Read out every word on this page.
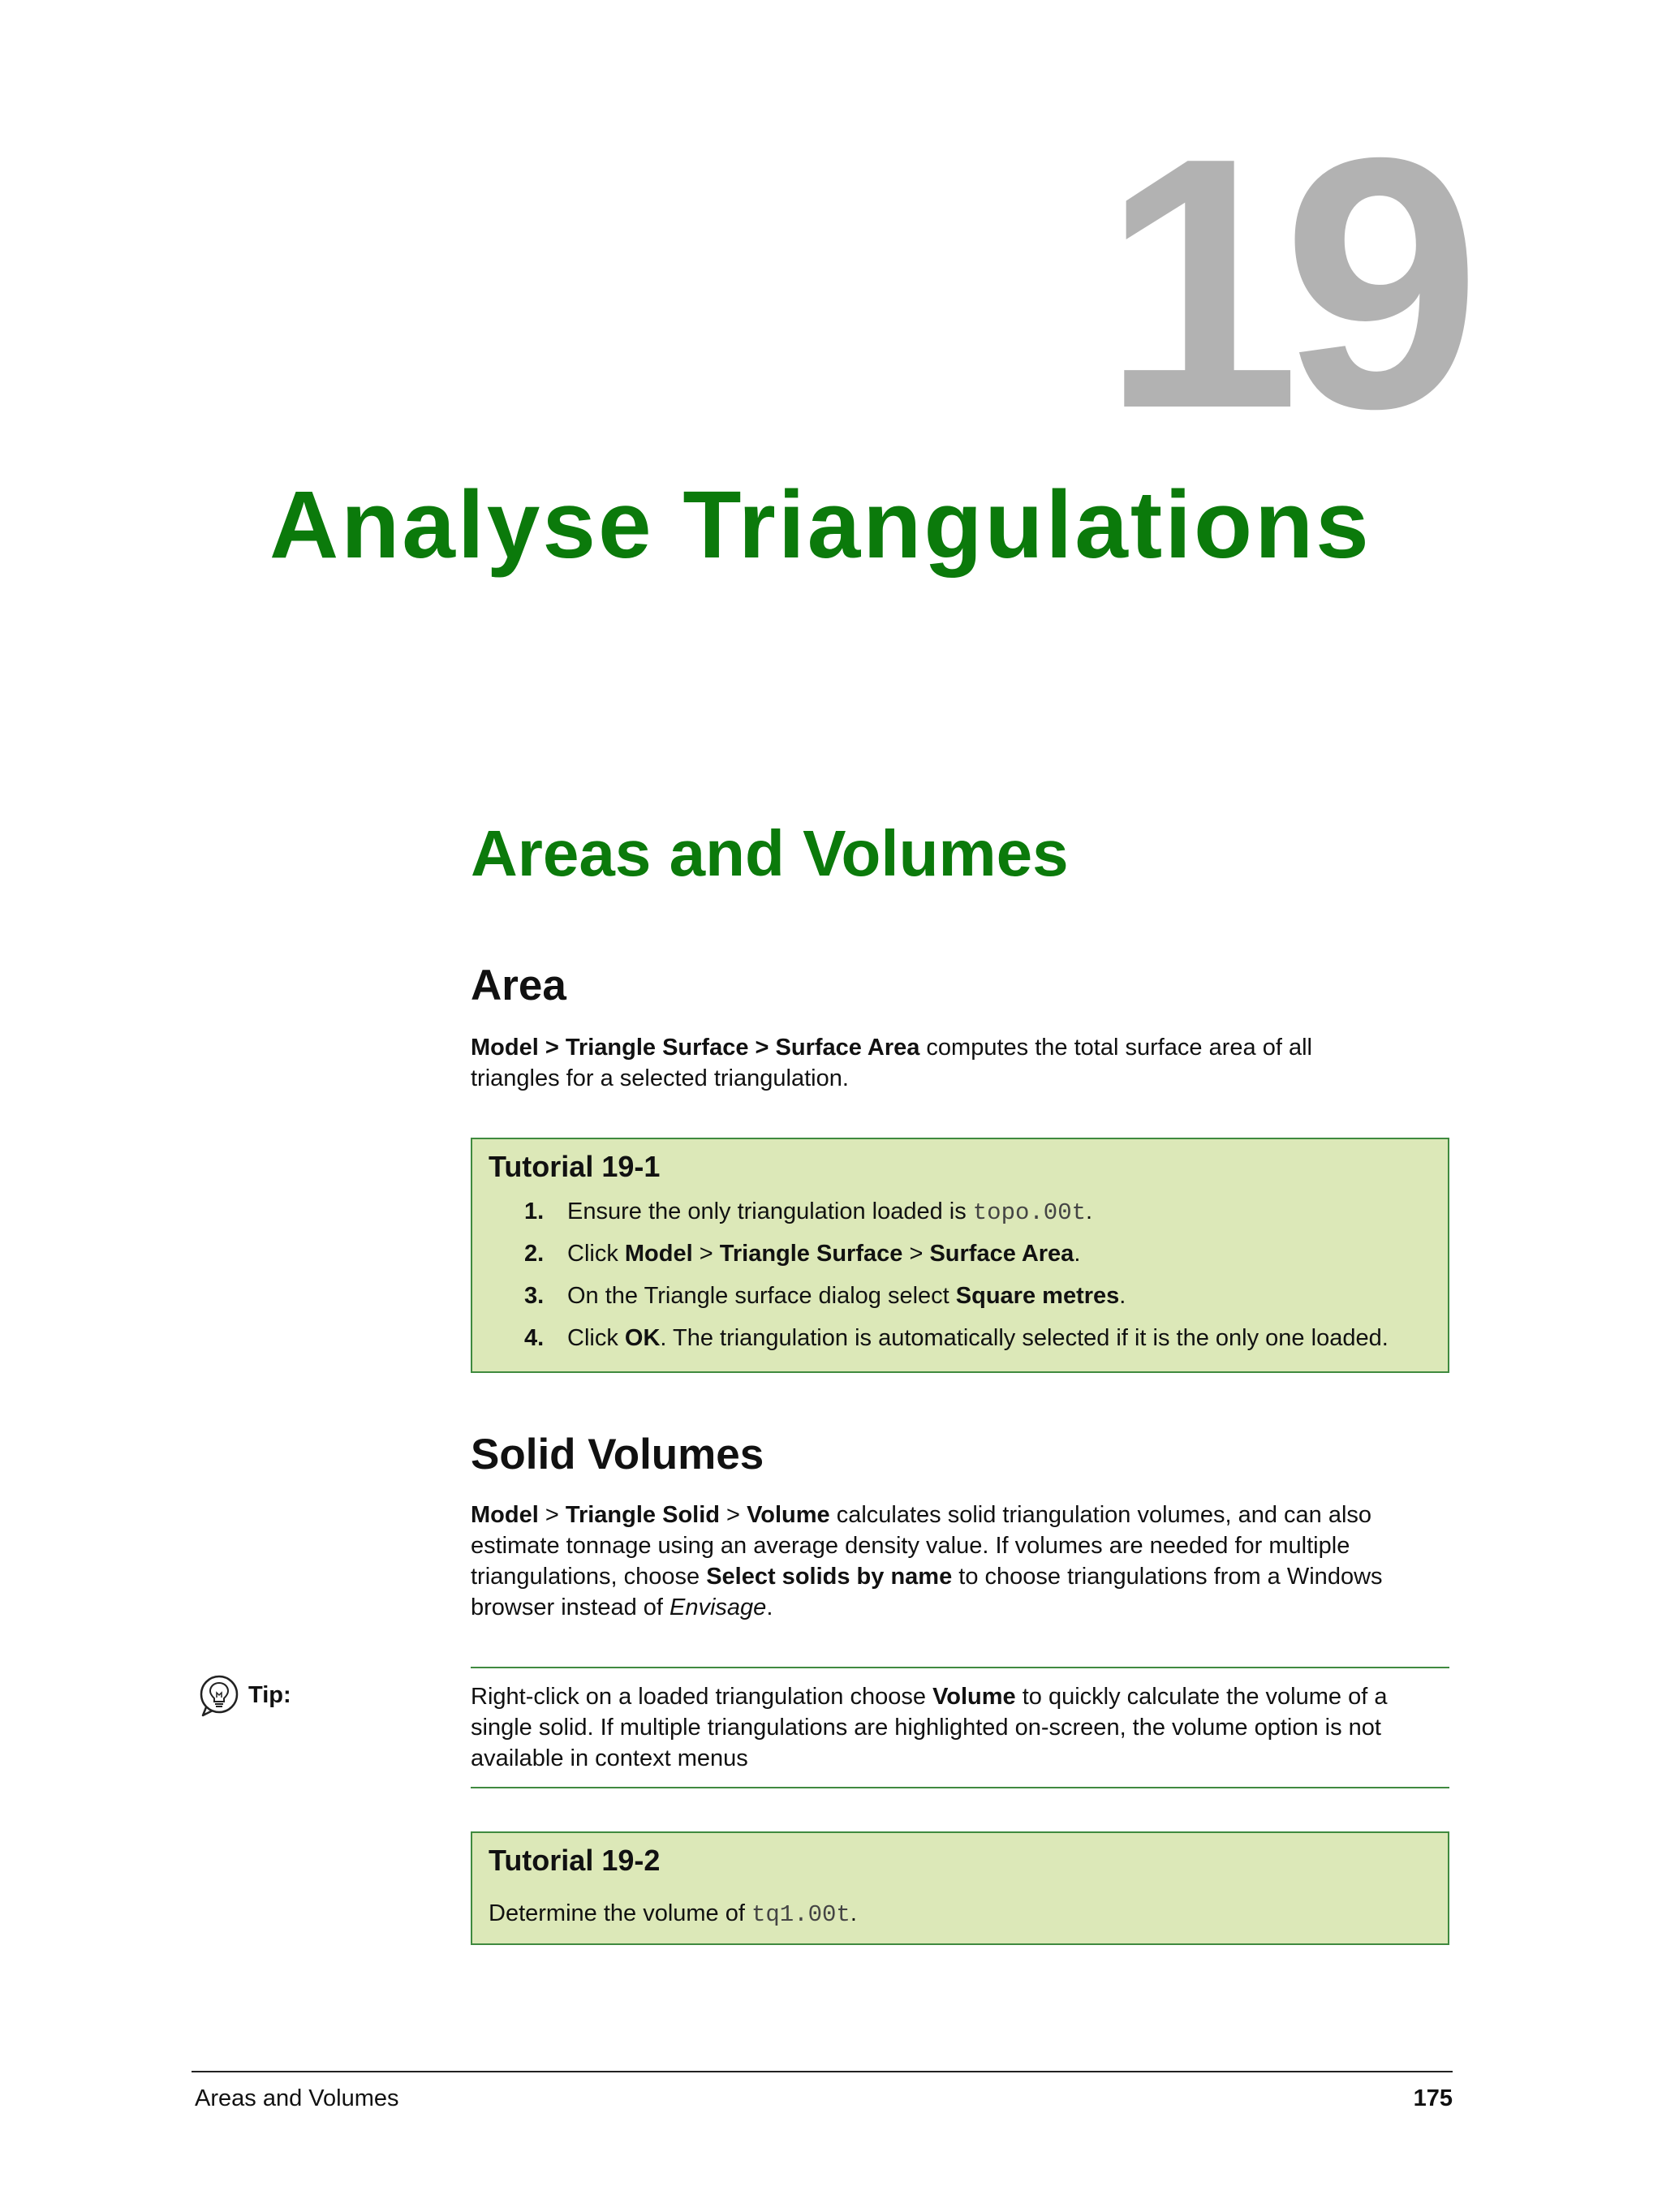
19
Analyse Triangulations
Areas and Volumes
Area
Model > Triangle Surface > Surface Area computes the total surface area of all triangles for a selected triangulation.
Tutorial 19-1
1. Ensure the only triangulation loaded is topo.00t.
2. Click Model > Triangle Surface > Surface Area.
3. On the Triangle surface dialog select Square metres.
4. Click OK. The triangulation is automatically selected if it is the only one loaded.
Solid Volumes
Model > Triangle Solid > Volume calculates solid triangulation volumes, and can also estimate tonnage using an average density value. If volumes are needed for multiple triangulations, choose Select solids by name to choose triangulations from a Windows browser instead of Envisage.
Tip:	Right-click on a loaded triangulation choose Volume to quickly calculate the volume of a single solid. If multiple triangulations are highlighted on-screen, the volume option is not available in context menus
Tutorial 19-2
Determine the volume of tq1.00t.
Areas and Volumes	175
